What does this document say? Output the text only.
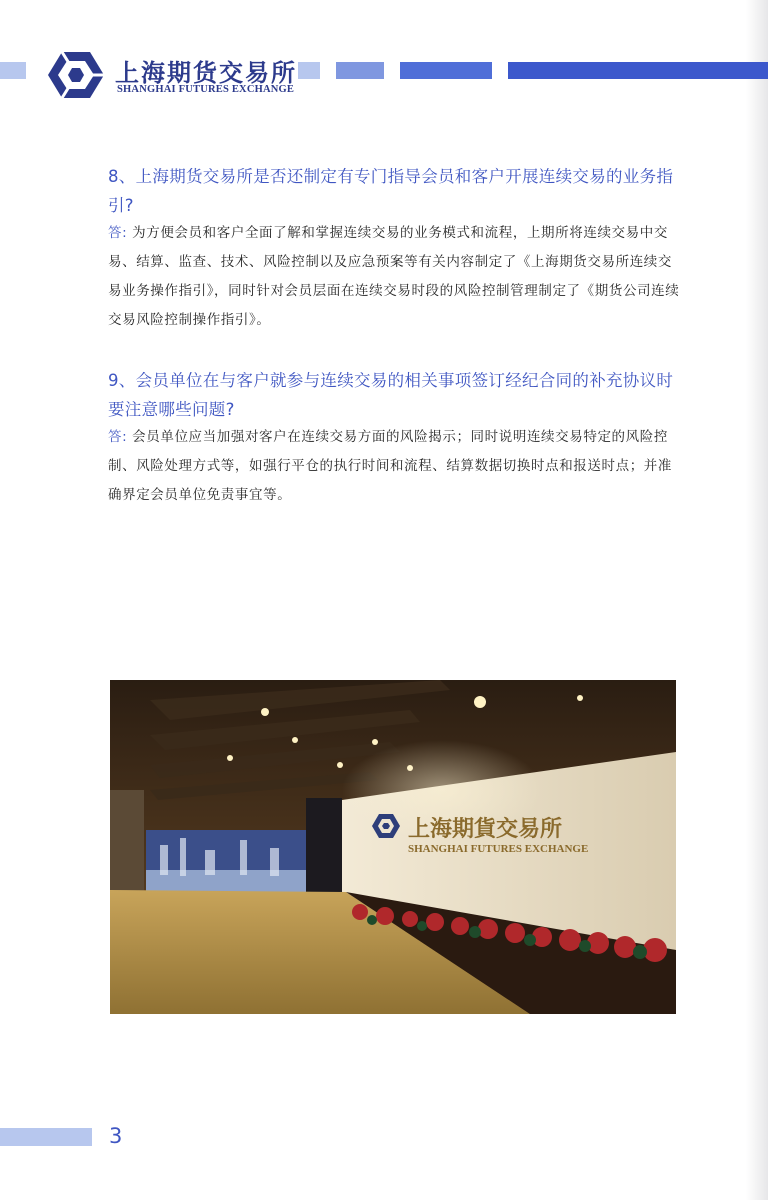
上海期货交易所
SHANGHAI FUTURES EXCHANGE
8、上海期货交易所是否还制定有专门指导会员和客户开展连续交易的业务指引?
答: 为方便会员和客户全面了解和掌握连续交易的业务模式和流程，上期所将连续交易中交易、结算、监查、技术、风险控制以及应急预案等有关内容制定了《上海期货交易所连续交易业务操作指引》，同时针对会员层面在连续交易时段的风险控制管理制定了《期货公司连续交易风险控制操作指引》。
9、会员单位在与客户就参与连续交易的相关事项签订经纪合同的补充协议时要注意哪些问题?
答: 会员单位应当加强对客户在连续交易方面的风险揭示；同时说明连续交易特定的风险控制、风险处理方式等，如强行平仓的执行时间和流程、结算数据切换时点和报送时点；并准确界定会员单位免责事宜等。
上海期貨交易所
SHANGHAI FUTURES EXCHANGE
3
